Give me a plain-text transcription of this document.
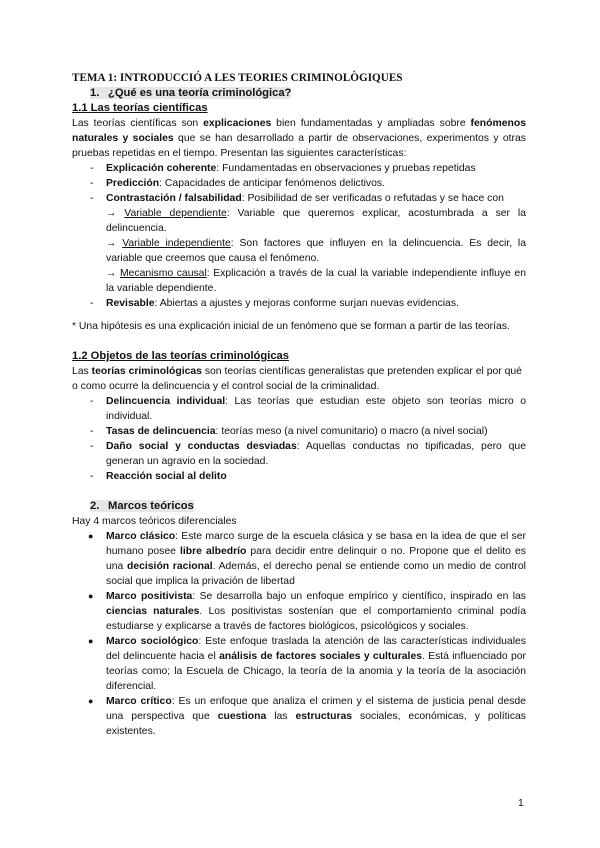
TEMA 1: INTRODUCCIÓ A LES TEORIES CRIMINOLÒGIQUES
1. ¿Qué es una teoría criminológica?
1.1 Las teorías científicas

Las teorías científicas son explicaciones bien fundamentadas y ampliadas sobre fenómenos naturales y sociales que se han desarrollado a partir de observaciones, experimentos y otras pruebas repetidas en el tiempo. Presentan las siguientes características:

- Explicación coherente: Fundamentadas en observaciones y pruebas repetidas
- Predicción: Capacidades de anticipar fenómenos delictivos.
- Contrastación / falsabilidad: Posibilidad de ser verificadas o refutadas y se hace con
→ Variable dependiente: Variable que queremos explicar, acostumbrada a ser la delincuencia.
→ Variable independiente: Son factores que influyen en la delincuencia. Es decir, la variable que creemos que causa el fenómeno.
→ Mecanismo causal: Explicación a través de la cual la variable independiente influye en la variable dependiente.
- Revisable: Abiertas a ajustes y mejoras conforme surjan nuevas evidencias.

* Una hipótesis es una explicación inicial de un fenómeno que se forman a partir de las teorías.

1.2 Objetos de las teorías criminológicas

Las teorías criminológicas son teorías científicas generalistas que pretenden explicar el por qué o como ocurre la delincuencia y el control social de la criminalidad.

- Delincuencia individual: Las teorías que estudian este objeto son teorías micro o individual.
- Tasas de delincuencia: teorías meso (a nivel comunitario) o macro (a nivel social)
- Daño social y conductas desviadas: Aquellas conductas no tipificadas, pero que generan un agravio en la sociedad.
- Reacción social al delito
2. Marcos teóricos

Hay 4 marcos teóricos diferenciales

● Marco clásico: Este marco surge de la escuela clásica y se basa en la idea de que el ser humano posee libre albedrío para decidir entre delinquir o no. Propone que el delito es una decisión racional. Además, el derecho penal se entiende como un medio de control social que implica la privación de libertad
● Marco positivista: Se desarrolla bajo un enfoque empírico y científico, inspirado en las ciencias naturales. Los positivistas sostenían que el comportamiento criminal podía estudiarse y explicarse a través de factores biológicos, psicológicos y sociales.
● Marco sociológico: Este enfoque traslada la atención de las características individuales del delincuente hacia el análisis de factores sociales y culturales. Está influenciado por teorías como; la Escuela de Chicago, la teoría de la anomia y la teoría de la asociación diferencial.
● Marco crítico: Es un enfoque que analiza el crimen y el sistema de justicia penal desde una perspectiva que cuestiona las estructuras sociales, económicas, y políticas existentes.
1
